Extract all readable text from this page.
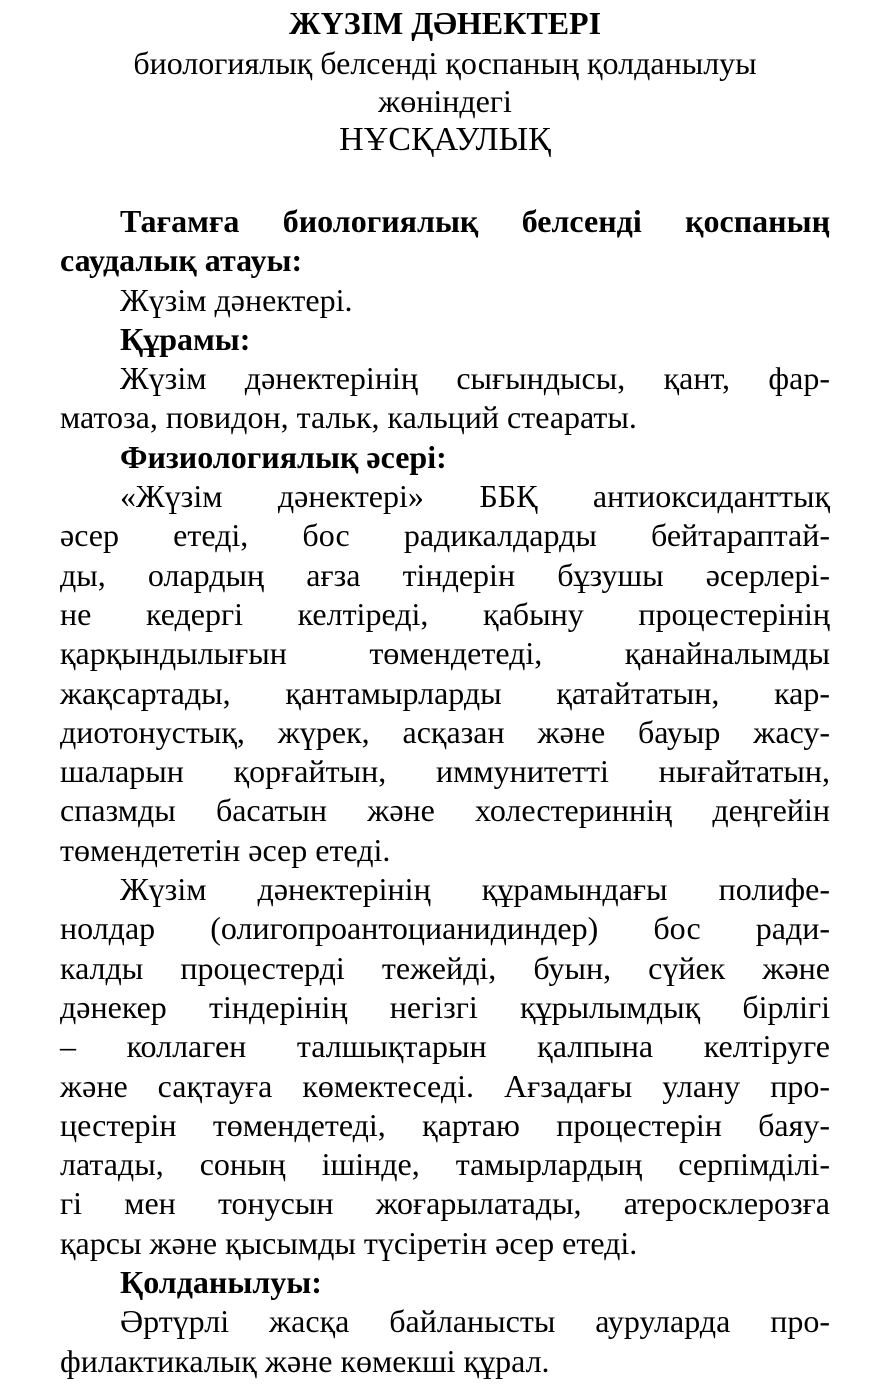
ЖҮЗІМ ДӘНЕКТЕРІ
биологиялық белсенді қоспаның қолданылуы
жөніндегі
НҰСҚАУЛЫҚ
Тағамға биологиялық белсенді қоспаның
саудалық атауы:
Жүзім дәнектері.
Құрамы:
Жүзім дәнектерінің сығындысы, қант, фар-
матоза, повидон, тальк, кальций стеараты.
Физиологиялық әсері:
«Жүзім дәнектері» ББҚ антиоксиданттық
әсер етеді, бос радикалдарды бейтараптай-
ды, олардың ағза тіндерін бұзушы әсерлері-
не кедергі келтіреді, қабыну процестерінің
қарқындылығын төмендетеді, қанайналымды
жақсартады, қантамырларды қатайтатын, кар-
диотонустық, жүрек, асқазан және бауыр жасу-
шаларын қорғайтын, иммунитетті нығайтатын,
спазмды басатын және холестериннің деңгейін
төмендететін әсер етеді.
Жүзім дәнектерінің құрамындағы полифе-
нолдар (олигопроантоцианидиндер) бос ради-
калды процестерді тежейді, буын, сүйек және
дәнекер тіндерінің негізгі құрылымдық бірлігі
– коллаген талшықтарын қалпына келтіруге
және сақтауға көмектеседі. Ағзадағы улану про-
цестерін төмендетеді, қартаю процестерін баяу-
латады, соның ішінде, тамырлардың серпімділі-
гі мен тонусын жоғарылатады, атеросклерозға
қарсы және қысымды түсіретін әсер етеді.
Қолданылуы:
Әртүрлі жасқа байланысты ауруларда про-
филактикалық және көмекші құрал.
